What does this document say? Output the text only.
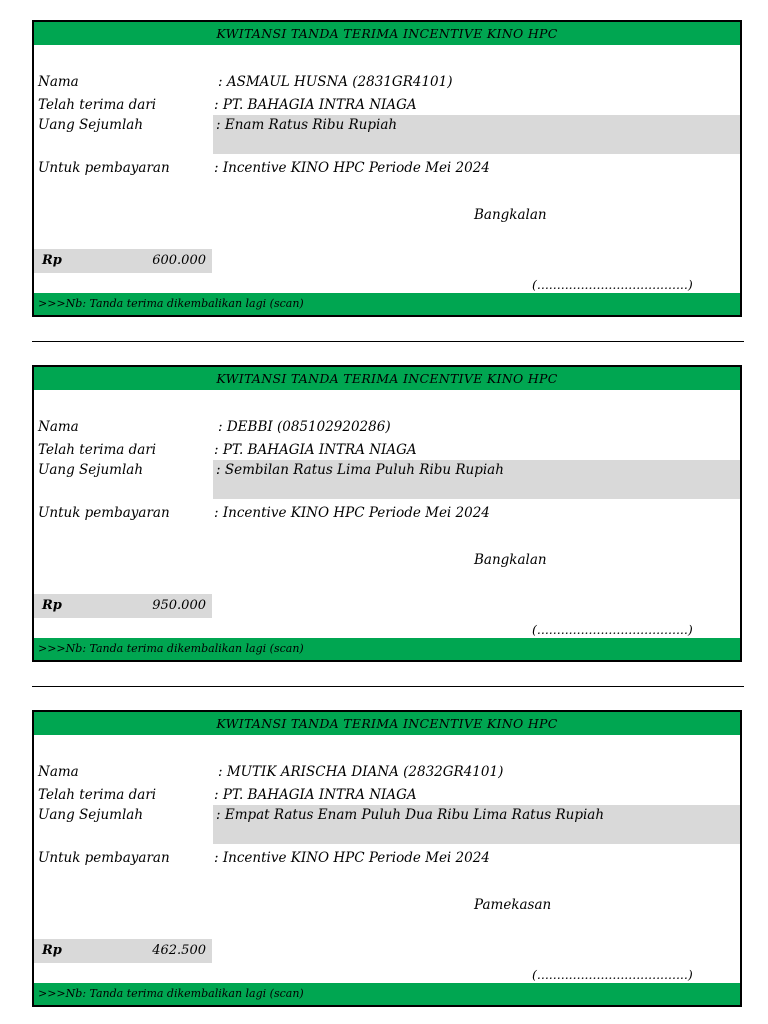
KWITANSI TANDA TERIMA INCENTIVE KINO HPC
Nama	: ASMAUL HUSNA (2831GR4101)
Telah terima dari	: PT. BAHAGIA INTRA NIAGA
Uang Sejumlah	: Enam Ratus Ribu Rupiah
Untuk pembayaran	: Incentive KINO HPC Periode Mei 2024
Bangkalan
Rp	600.000
(......................................)
>>>Nb: Tanda terima dikembalikan lagi (scan)
KWITANSI TANDA TERIMA INCENTIVE KINO HPC
Nama	: DEBBI (085102920286)
Telah terima dari	: PT. BAHAGIA INTRA NIAGA
Uang Sejumlah	: Sembilan Ratus Lima Puluh Ribu Rupiah
Untuk pembayaran	: Incentive KINO HPC Periode Mei 2024
Bangkalan
Rp	950.000
(......................................)
>>>Nb: Tanda terima dikembalikan lagi (scan)
KWITANSI TANDA TERIMA INCENTIVE KINO HPC
Nama	: MUTIK ARISCHA DIANA (2832GR4101)
Telah terima dari	: PT. BAHAGIA INTRA NIAGA
Uang Sejumlah	: Empat Ratus Enam Puluh Dua Ribu Lima Ratus Rupiah
Untuk pembayaran	: Incentive KINO HPC Periode Mei 2024
Pamekasan
Rp	462.500
(......................................)
>>>Nb: Tanda terima dikembalikan lagi (scan)
